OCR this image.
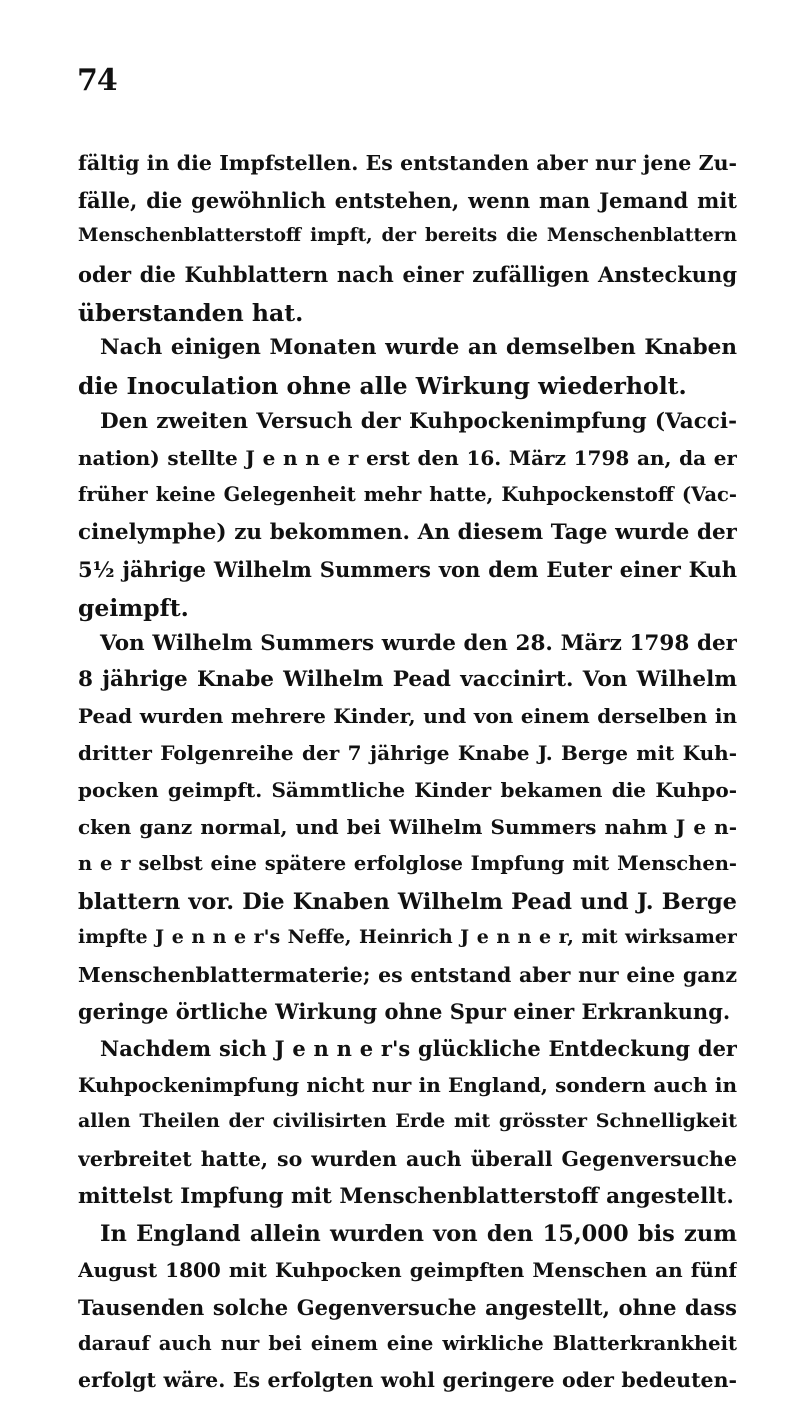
74
fältig in die Impfstellen. Es entstanden aber nur jene Zu-
fälle, die gewöhnlich entstehen, wenn man Jemand mit
Menschenblatterstoff impft, der bereits die Menschenblattern
oder die Kuhblattern nach einer zufälligen Ansteckung
überstanden hat.
Nach einigen Monaten wurde an demselben Knaben
die Inoculation ohne alle Wirkung wiederholt.
Den zweiten Versuch der Kuhpockenimpfung (Vacci-
nation) stellte J e n n e r erst den 16. März 1798 an, da er
früher keine Gelegenheit mehr hatte, Kuhpockenstoff (Vac-
cinelymphe) zu bekommen. An diesem Tage wurde der
5½ jährige Wilhelm Summers von dem Euter einer Kuh
geimpft.
Von Wilhelm Summers wurde den 28. März 1798 der
8 jährige Knabe Wilhelm Pead vaccinirt. Von Wilhelm
Pead wurden mehrere Kinder, und von einem derselben in
dritter Folgenreihe der 7 jährige Knabe J. Berge mit Kuh-
pocken geimpft. Sämmtliche Kinder bekamen die Kuhpo-
cken ganz normal, und bei Wilhelm Summers nahm J e n-
n e r selbst eine spätere erfolglose Impfung mit Menschen-
blattern vor. Die Knaben Wilhelm Pead und J. Berge
impfte J e n n e r's Neffe, Heinrich J e n n e r, mit wirksamer
Menschenblattermaterie; es entstand aber nur eine ganz
geringe örtliche Wirkung ohne Spur einer Erkrankung.
Nachdem sich J e n n e r's glückliche Entdeckung der
Kuhpockenimpfung nicht nur in England, sondern auch in
allen Theilen der civilisirten Erde mit grösster Schnelligkeit
verbreitet hatte, so wurden auch überall Gegenversuche
mittelst Impfung mit Menschenblatterstoff angestellt.
In England allein wurden von den 15,000 bis zum
August 1800 mit Kuhpocken geimpften Menschen an fünf
Tausenden solche Gegenversuche angestellt, ohne dass
darauf auch nur bei einem eine wirkliche Blatterkrankheit
erfolgt wäre. Es erfolgten wohl geringere oder bedeuten-
